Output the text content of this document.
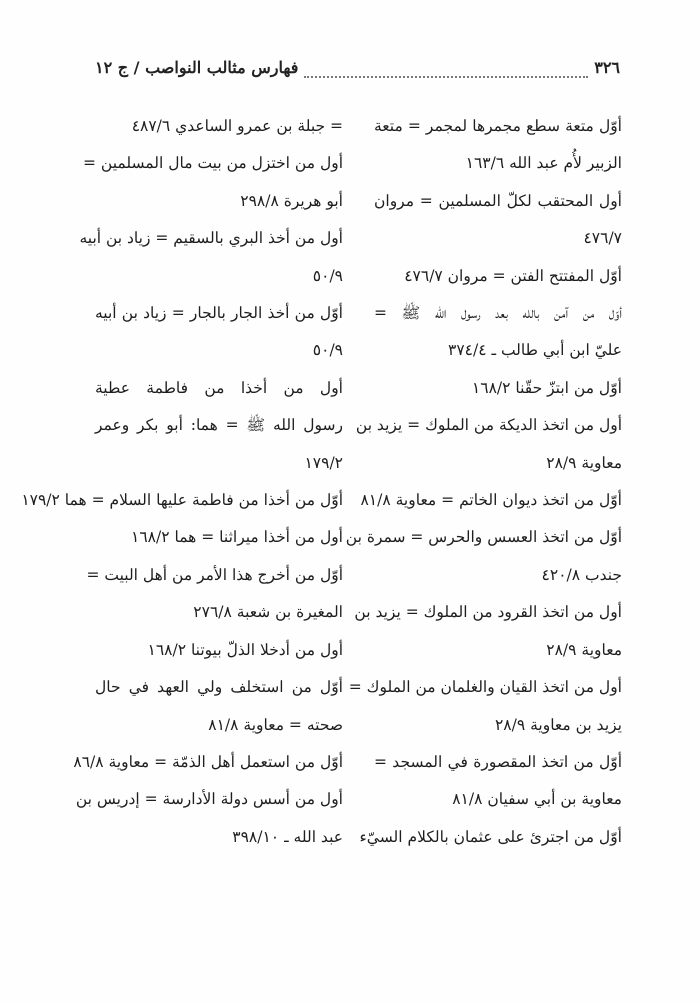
٣٢٦
فهارس مثالب النواصب / ج ١٢
أوّل متعة سطع مجمرها لمجمر = متعة
الزبير لأُم عبد الله ١٦٣/٦
أول المحتقب لكلّ المسلمين = مروان
٤٧٦/٧
أوّل المفتتح الفتن = مروان ٤٧٦/٧
أوّل من آمن بالله بعد رسول الله ﷺ =
عليّ ابن أبي طالب ـ ٣٧٤/٤
أوّل من ابتزّ حقّنا ١٦٨/٢
أول من اتخذ الديكة من الملوك = يزيد بن
معاوية ٢٨/٩
أوّل من اتخذ ديوان الخاتم = معاوية ٨١/٨
أوّل من اتخذ العسس والحرس = سمرة بن
جندب ٤٢٠/٨
أول من اتخذ القرود من الملوك = يزيد بن
معاوية ٢٨/٩
أول من اتخذ القيان والغلمان من الملوك =
يزيد بن معاوية ٢٨/٩
أوّل من اتخذ المقصورة في المسجد =
معاوية بن أبي سفيان ٨١/٨
أوّل من اجترئ على عثمان بالكلام السيّء
= جبلة بن عمرو الساعدي ٤٨٧/٦
أول من اختزل من بيت مال المسلمين =
أبو هريرة ٢٩٨/٨
أول من أخذ البري بالسقيم = زياد بن أبيه
٥٠/٩
أوّل من أخذ الجار بالجار = زياد بن أبيه
٥٠/٩
أول من أخذا من فاطمة عطية
رسول الله ﷺ = هما: أبو بكر وعمر
١٧٩/٢
أوّل من أخذا من فاطمة عليها السلام = هما ١٧٩/٢
أول من أخذا ميراثنا = هما ١٦٨/٢
أوّل من أخرج هذا الأمر من أهل البيت =
المغيرة بن شعبة ٢٧٦/٨
أول من أدخلا الذلّ بيوتنا ١٦٨/٢
أوّل من استخلف ولي العهد في حال
صحته = معاوية ٨١/٨
أوّل من استعمل أهل الذمّة = معاوية ٨٦/٨
أول من أسس دولة الأدارسة = إدريس بن
عبد الله ـ ٣٩٨/١٠
